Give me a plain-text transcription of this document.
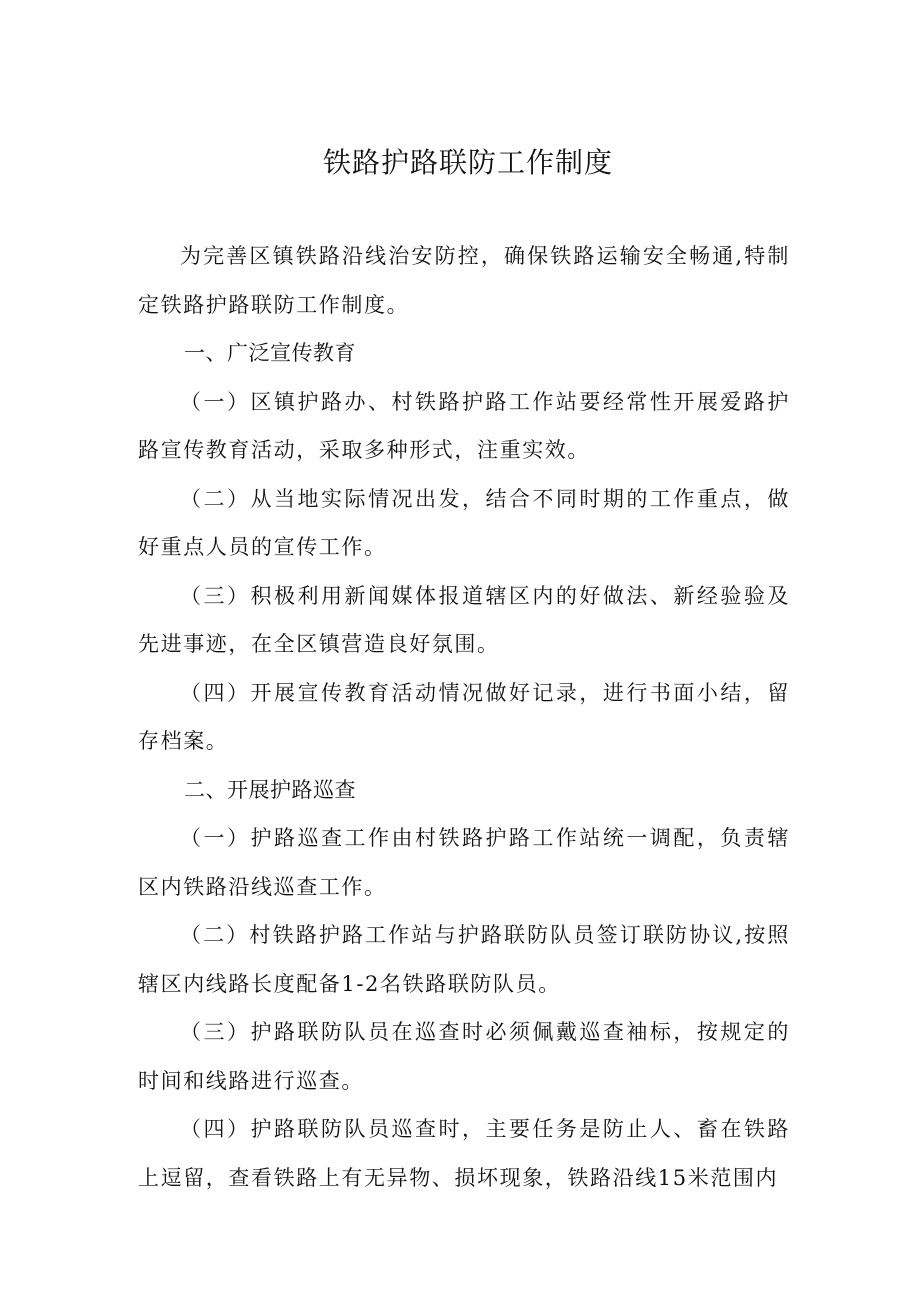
铁路护路联防工作制度

为完善区镇铁路沿线治安防控，确保铁路运输安全畅通,特制定铁路护路联防工作制度。

一、广泛宣传教育

（一）区镇护路办、村铁路护路工作站要经常性开展爱路护路宣传教育活动，采取多种形式，注重实效。

（二）从当地实际情况出发，结合不同时期的工作重点，做好重点人员的宣传工作。

（三）积极利用新闻媒体报道辖区内的好做法、新经验验及先进事迹，在全区镇营造良好氛围。

（四）开展宣传教育活动情况做好记录，进行书面小结，留存档案。

二、开展护路巡查

（一）护路巡查工作由村铁路护路工作站统一调配，负责辖区内铁路沿线巡查工作。

（二）村铁路护路工作站与护路联防队员签订联防协议,按照辖区内线路长度配备1-2名铁路联防队员。

（三）护路联防队员在巡查时必须佩戴巡查袖标，按规定的时间和线路进行巡查。

（四）护路联防队员巡查时，主要任务是防止人、畜在铁路上逗留，查看铁路上有无异物、损坏现象，铁路沿线15米范围内
